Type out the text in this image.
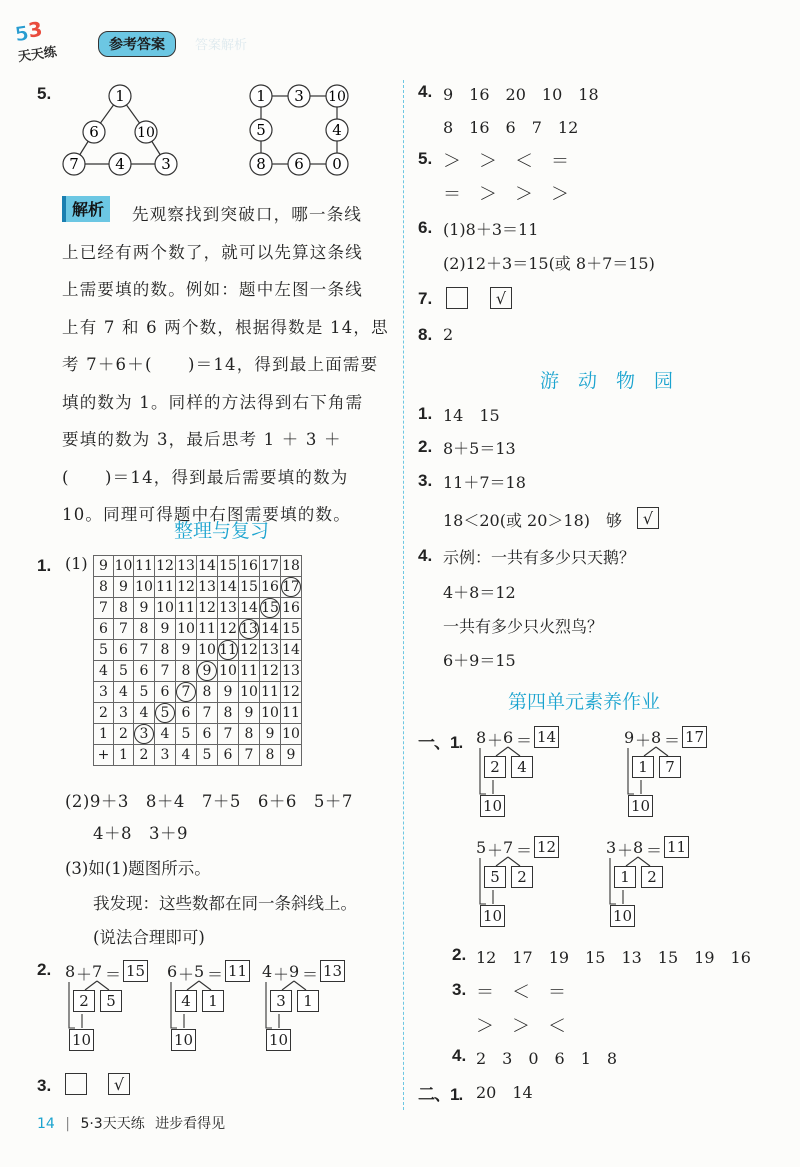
5
3
天天练	参考答案	答案解析
5.	1
6	10
7 4 3
1 3 10
5	4
8 6 0
解析	先观察找到突破口，哪一条线
上已经有两个数了，就可以先算这条线
上需要填的数。例如：题中左图一条线
上有 7 和 6 两个数，根据得数是 14，思
考 7＋6＋(　　)＝14，得到最上面需要
填的数为 1。同样的方法得到右下角需
要填的数为 3，最后思考 1 ＋ 3 ＋
(　　)＝14，得到最后需要填的数为
10。同理可得题中右图需要填的数。
整理与复习
1. (1) 9	10	11	12	13	14	15	16	17	18
8	9	10	11	12	13	14	15	16	17
7	8	9	10	11	12	13	14	15	16
6	7	8	9	10	11	12	13	14	15
5	6	7	8	9	10	11	12	13	14
4	5	6	7	8	9	10	11	12	13
3	4	5	6	7	8	9	10	11	12
2	3	4	5	6	7	8	9	10	11
1	2	3	4	5	6	7	8	9	10
+	1	2	3	4	5	6	7	8	9
(2)9＋3　8＋4　7＋5　6＋6　5＋7
4＋8　3＋9
(3)如(1)题图所示。
我发现：这些数都在同一条斜线上。
(说法合理即可)
2. 8 ＋ 7 ＝ 15
2	5
10
6 ＋ 5 ＝ 11
4	1
10
4 ＋ 9 ＝ 13
3	1
10
3.	√
14 | 5·3天天练 进步看得见
4. 9　16　20　10　18
8　16　6　7　12
5. ＞　＞　＜　＝
＝　＞　＞　＞
6. (1)8＋3＝11
(2)12＋3＝15(或 8＋7＝15)
7.	√
8. 2
游　动　物　园
1. 14　15
2. 8＋5＝13
3. 11＋7＝18
18＜20(或 20＞18)　够	√
4. 示例：一共有多少只天鹅？
4＋8＝12
一共有多少只火烈鸟？
6＋9＝15
第四单元素养作业
一、1. 8 ＋ 6 ＝ 14
2	4
10
9 ＋ 8 ＝ 17
1	7
10
5 ＋ 7 ＝ 12
5	2
10
3 ＋ 8 ＝ 11
1	2
10
2. 12　17　19　15　13　15　19　16
3. ＝　＜　＝
＞　＞　＜
4. 2　3　0　6　1　8
二、1. 20　14
